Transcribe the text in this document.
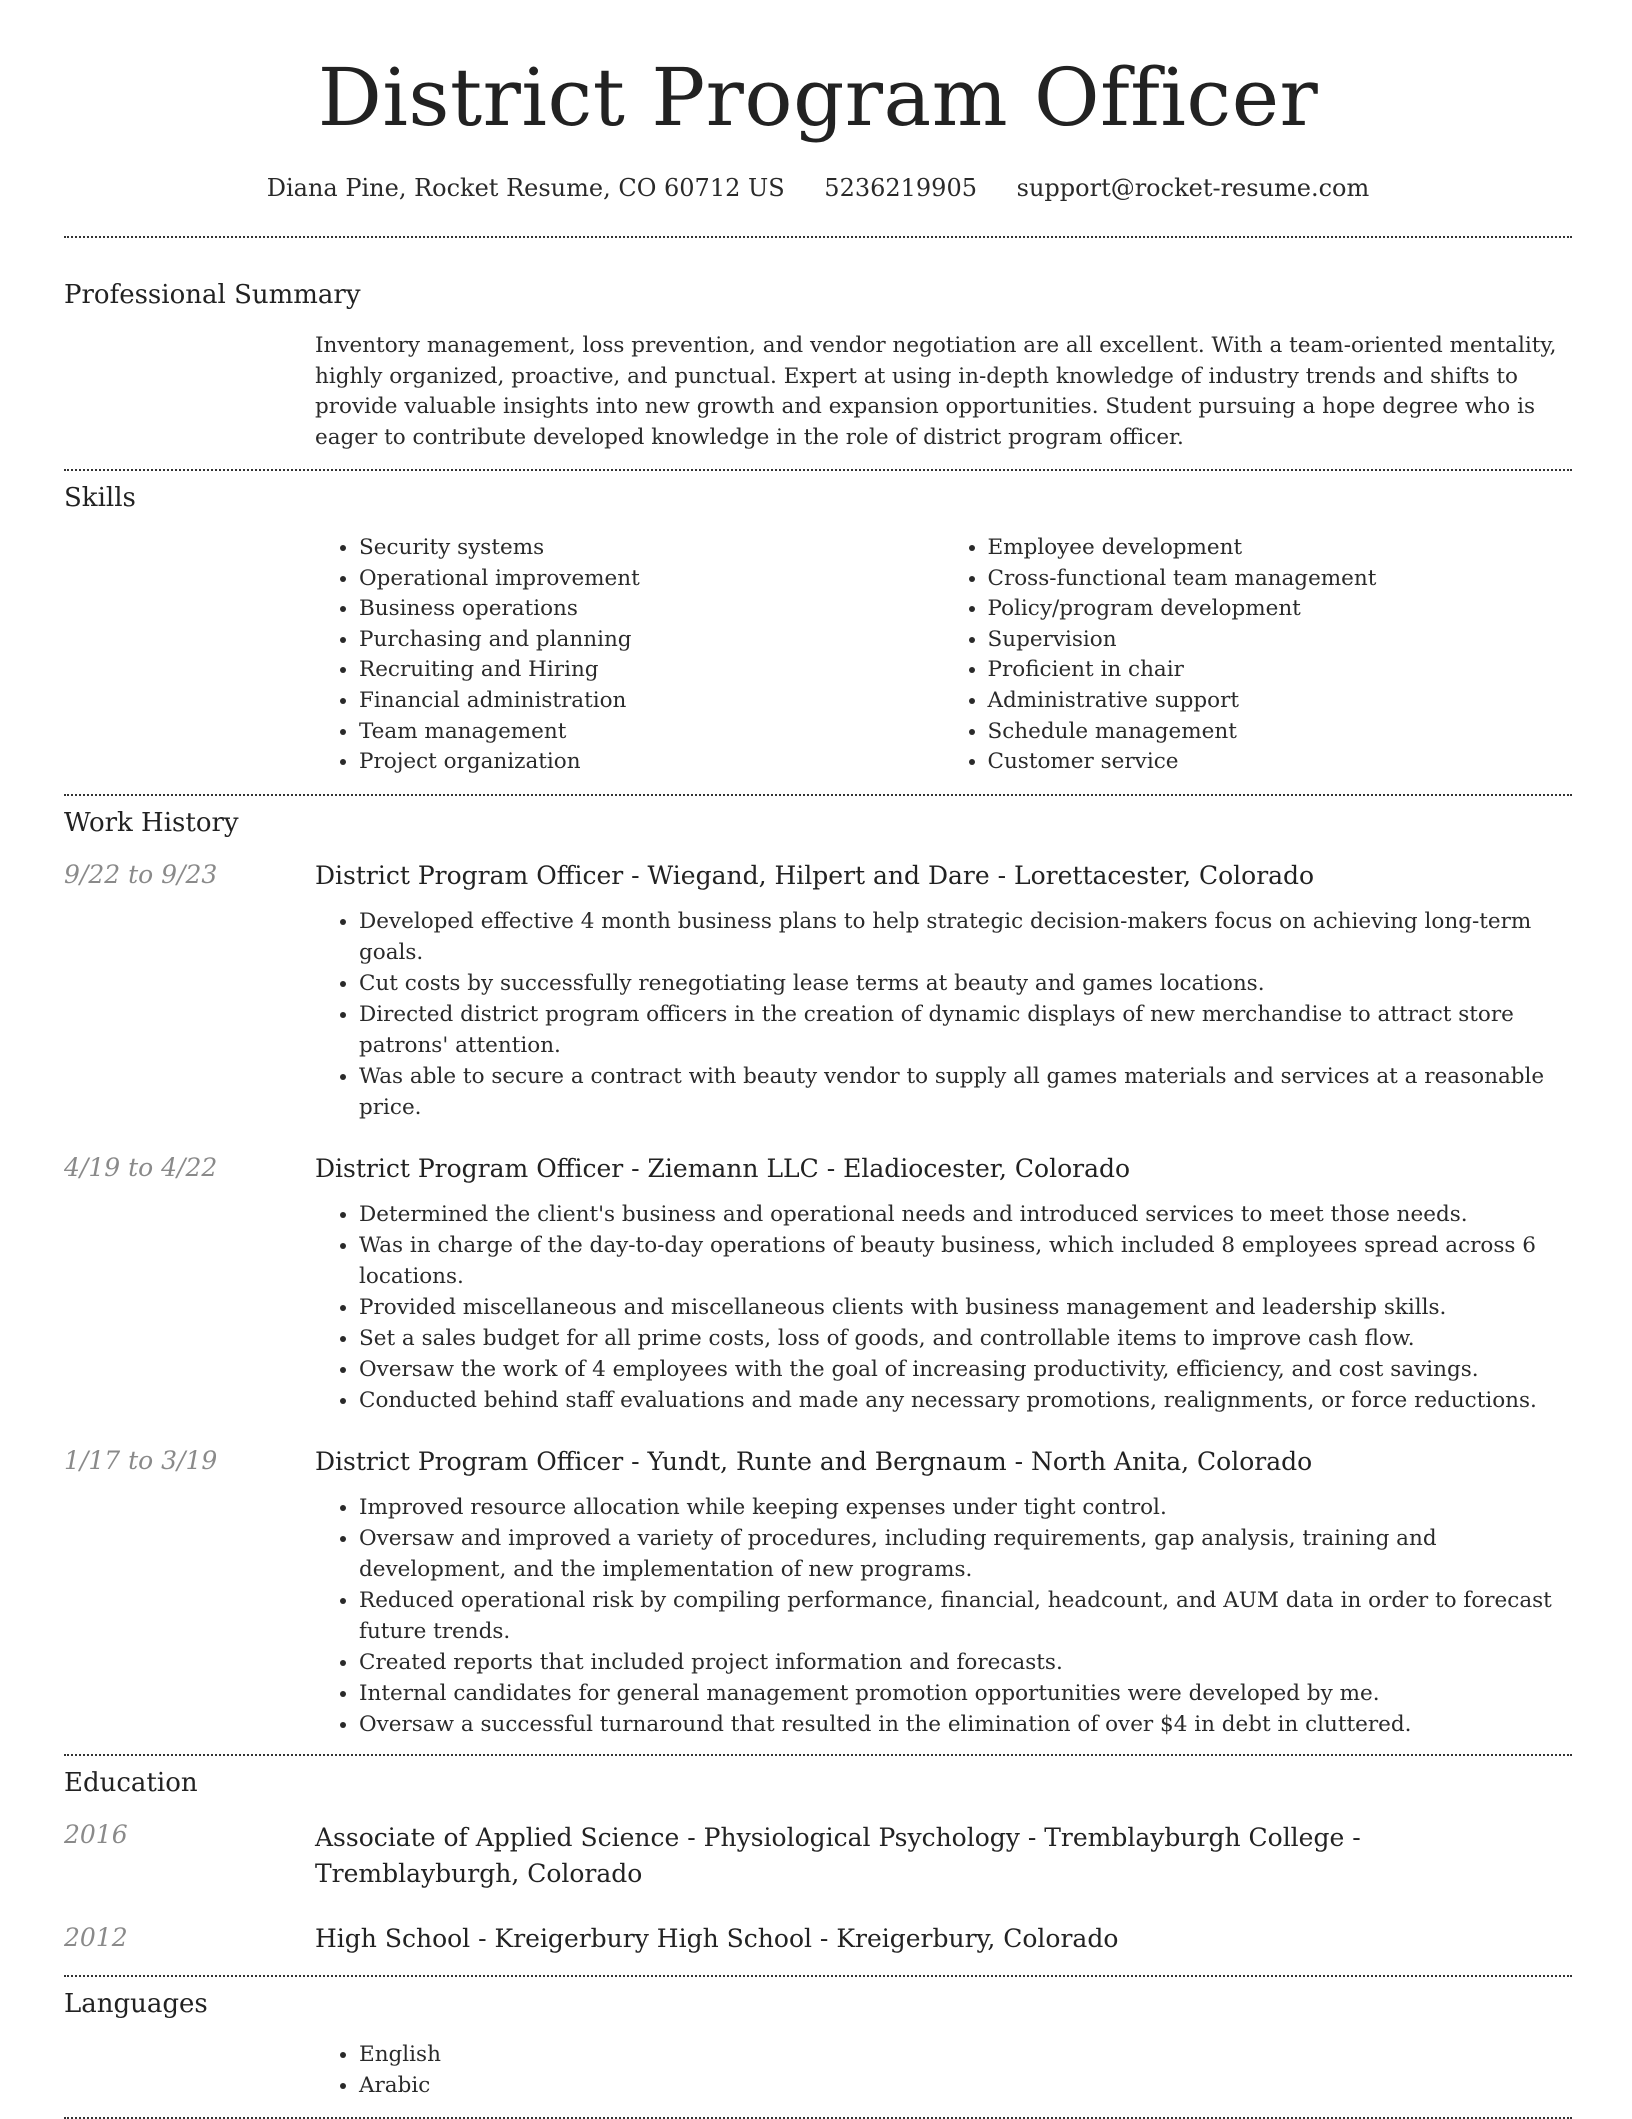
District Program Officer
Diana Pine, Rocket Resume, CO 60712 US 5236219905 support@rocket-resume.com
Professional Summary
Inventory management, loss prevention, and vendor negotiation are all excellent. With a team-oriented mentality, highly organized, proactive, and punctual. Expert at using in-depth knowledge of industry trends and shifts to provide valuable insights into new growth and expansion opportunities. Student pursuing a hope degree who is eager to contribute developed knowledge in the role of district program officer.
Skills
• Security systems
• Operational improvement
• Business operations
• Purchasing and planning
• Recruiting and Hiring
• Financial administration
• Team management
• Project organization
• Employee development
• Cross-functional team management
• Policy/program development
• Supervision
• Proficient in chair
• Administrative support
• Schedule management
• Customer service
Work History
9/22 to 9/23	District Program Officer - Wiegand, Hilpert and Dare - Lorettacester, Colorado
• Developed effective 4 month business plans to help strategic decision-makers focus on achieving long-term goals.
• Cut costs by successfully renegotiating lease terms at beauty and games locations.
• Directed district program officers in the creation of dynamic displays of new merchandise to attract store patrons' attention.
• Was able to secure a contract with beauty vendor to supply all games materials and services at a reasonable price.
4/19 to 4/22	District Program Officer - Ziemann LLC - Eladiocester, Colorado
• Determined the client's business and operational needs and introduced services to meet those needs.
• Was in charge of the day-to-day operations of beauty business, which included 8 employees spread across 6 locations.
• Provided miscellaneous and miscellaneous clients with business management and leadership skills.
• Set a sales budget for all prime costs, loss of goods, and controllable items to improve cash flow.
• Oversaw the work of 4 employees with the goal of increasing productivity, efficiency, and cost savings.
• Conducted behind staff evaluations and made any necessary promotions, realignments, or force reductions.
1/17 to 3/19	District Program Officer - Yundt, Runte and Bergnaum - North Anita, Colorado
• Improved resource allocation while keeping expenses under tight control.
• Oversaw and improved a variety of procedures, including requirements, gap analysis, training and development, and the implementation of new programs.
• Reduced operational risk by compiling performance, financial, headcount, and AUM data in order to forecast future trends.
• Created reports that included project information and forecasts.
• Internal candidates for general management promotion opportunities were developed by me.
• Oversaw a successful turnaround that resulted in the elimination of over $4 in debt in cluttered.
Education
2016	Associate of Applied Science - Physiological Psychology - Tremblayburgh College - Tremblayburgh, Colorado
2012	High School - Kreigerbury High School - Kreigerbury, Colorado
Languages
• English
• Arabic
